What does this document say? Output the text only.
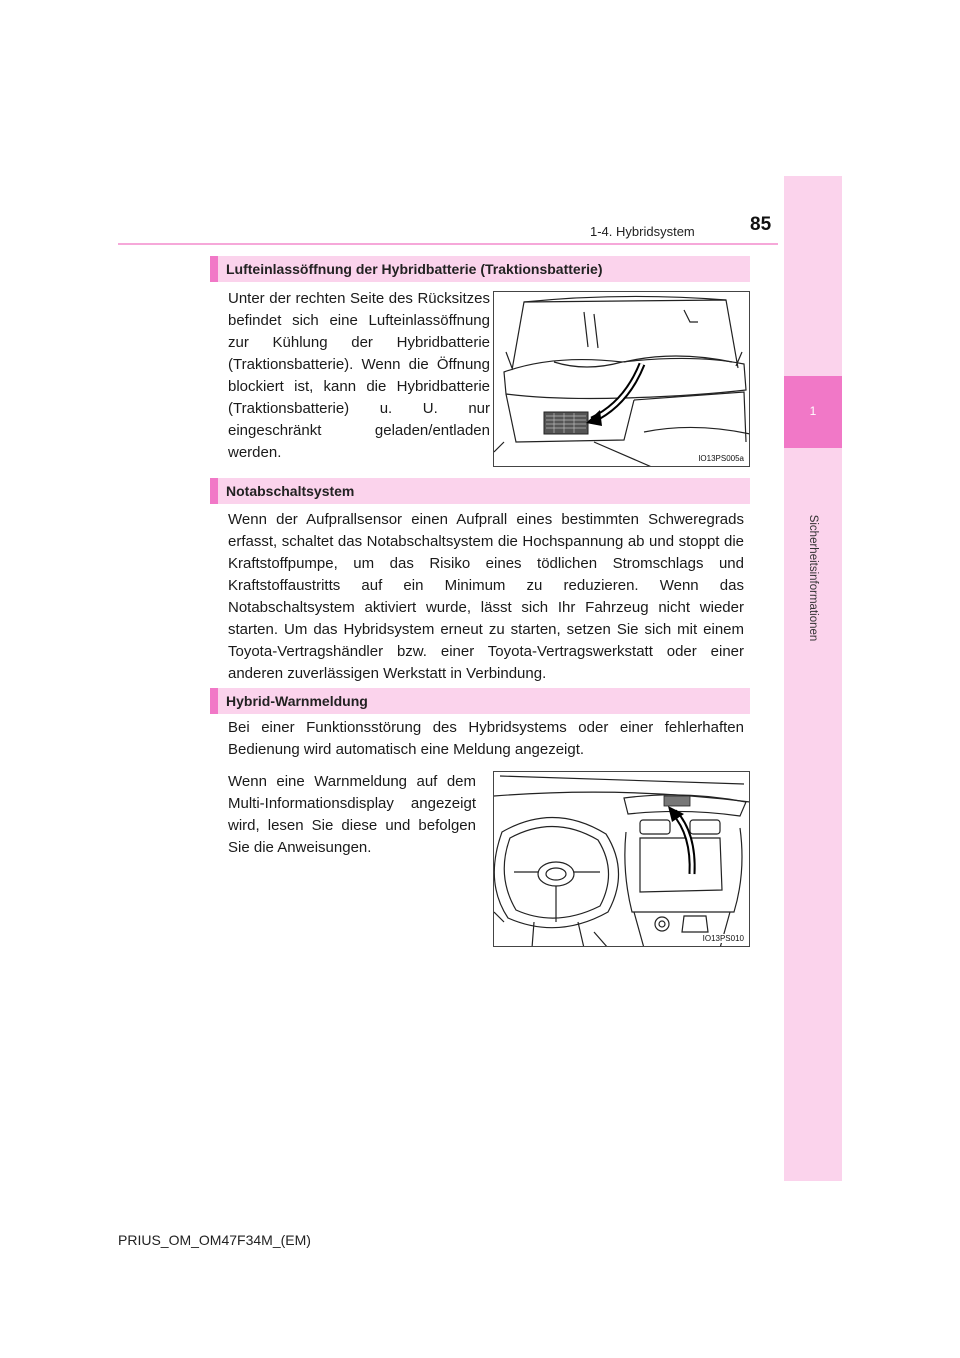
1-4. Hybridsystem	85
1
Sicherheitsinformationen
Lufteinlassöffnung der Hybridbatterie (Traktionsbatterie)
Unter der rechten Seite des Rücksitzes befindet sich eine Lufteinlassöffnung zur Kühlung der Hybridbatterie (Traktionsbatterie). Wenn die Öffnung blockiert ist, kann die Hybridbatterie (Traktionsbatterie) u. U. nur eingeschränkt geladen/entladen werden.	IO13PS005a
Notabschaltsystem
Wenn der Aufprallsensor einen Aufprall eines bestimmten Schweregrads erfasst, schaltet das Notabschaltsystem die Hochspannung ab und stoppt die Kraftstoffpumpe, um das Risiko eines tödlichen Stromschlags und Kraftstoffaustritts auf ein Minimum zu reduzieren. Wenn das Notabschaltsystem aktiviert wurde, lässt sich Ihr Fahrzeug nicht wieder starten. Um das Hybridsystem erneut zu starten, setzen Sie sich mit einem Toyota-Vertragshändler bzw. einer Toyota-Vertragswerkstatt oder einer anderen zuverlässigen Werkstatt in Verbindung.
Hybrid-Warnmeldung
Bei einer Funktionsstörung des Hybridsystems oder einer fehlerhaften Bedienung wird automatisch eine Meldung angezeigt.
Wenn eine Warnmeldung auf dem Multi-Informationsdisplay angezeigt wird, lesen Sie diese und befolgen Sie die Anweisungen.
IO13PS010
PRIUS_OM_OM47F34M_(EM)
